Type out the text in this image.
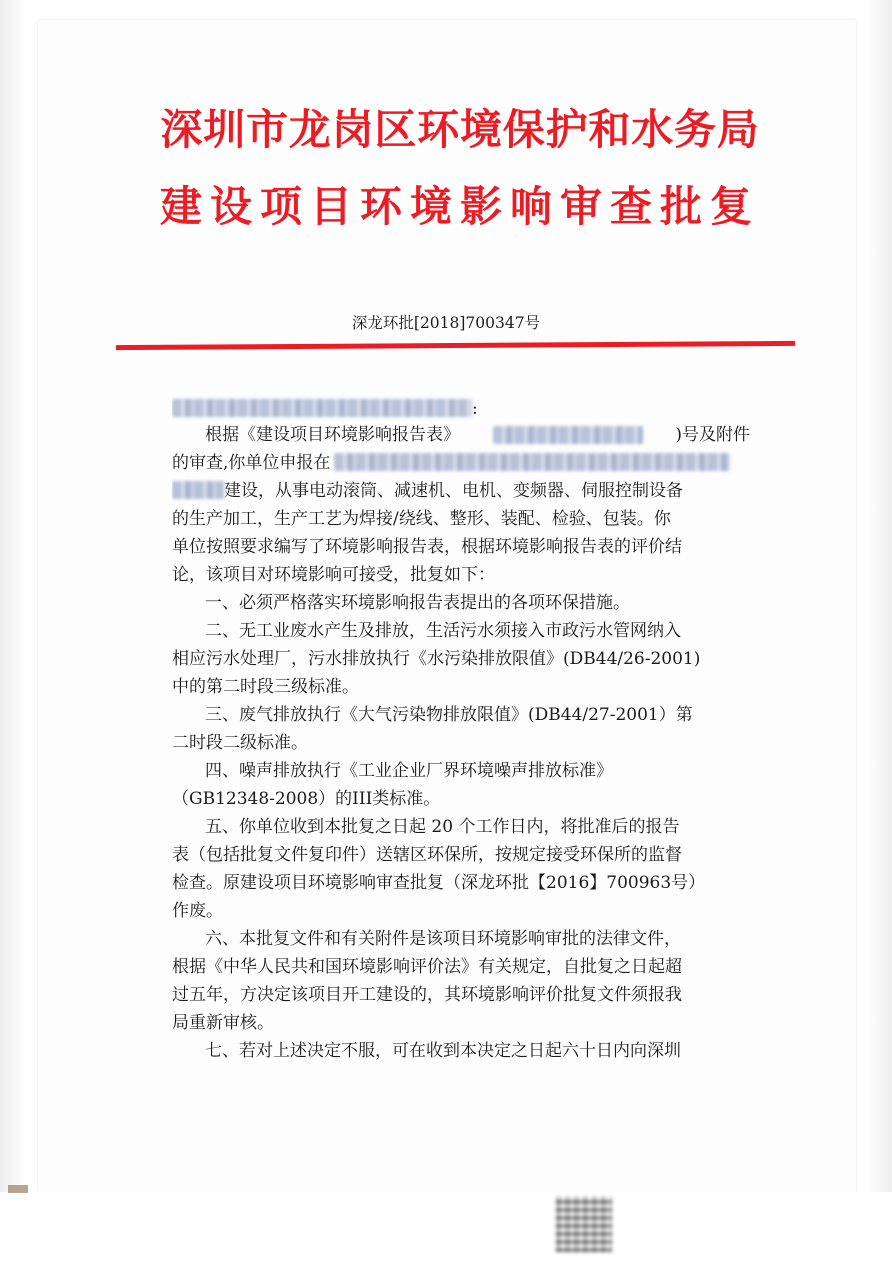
深圳市龙岗区环境保护和水务局
建设项目环境影响审查批复
深龙环批[2018]700347号
:
根据《建设项目环境影响报告表》	)号及附件
的审查,你单位申报在
建设，从事电动滚筒、减速机、电机、变频器、伺服控制设备
的生产加工，生产工艺为焊接/绕线、整形、装配、检验、包装。你
单位按照要求编写了环境影响报告表，根据环境影响报告表的评价结
论，该项目对环境影响可接受，批复如下：
一、必须严格落实环境影响报告表提出的各项环保措施。
二、无工业废水产生及排放，生活污水须接入市政污水管网纳入
相应污水处理厂，污水排放执行《水污染排放限值》(DB44/26-2001)
中的第二时段三级标准。
三、废气排放执行《大气污染物排放限值》(DB44/27-2001）第
二时段二级标准。
四、噪声排放执行《工业企业厂界环境噪声排放标准》
（GB12348-2008）的III类标准。
五、你单位收到本批复之日起 20 个工作日内，将批准后的报告
表（包括批复文件复印件）送辖区环保所，按规定接受环保所的监督
检查。原建设项目环境影响审查批复（深龙环批【2016】700963号）
作废。
六、本批复文件和有关附件是该项目环境影响审批的法律文件，
根据《中华人民共和国环境影响评价法》有关规定，自批复之日起超
过五年，方决定该项目开工建设的，其环境影响评价批复文件须报我
局重新审核。
七、若对上述决定不服，可在收到本决定之日起六十日内向深圳
